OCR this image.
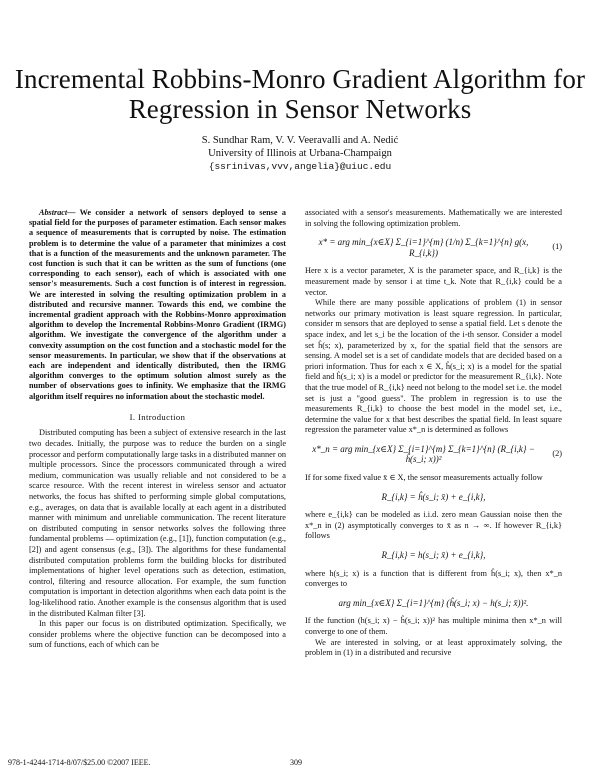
Incremental Robbins-Monro Gradient Algorithm for
Regression in Sensor Networks
S. Sundhar Ram, V. V. Veeravalli and A. Nedić
University of Illinois at Urbana-Champaign
{ssrinivas,vvv,angelia}@uiuc.edu

Abstract— We consider a network of sensors deployed to sense a spatial field for the purposes of parameter estimation. Each sensor makes a sequence of measurements that is corrupted by noise. The estimation problem is to determine the value of a parameter that minimizes a cost that is a function of the measurements and the unknown parameter. The cost function is such that it can be written as the sum of functions (one corresponding to each sensor), each of which is associated with one sensor's measurements. Such a cost function is of interest in regression. We are interested in solving the resulting optimization problem in a distributed and recursive manner. Towards this end, we combine the incremental gradient approach with the Robbins-Monro approximation algorithm to develop the Incremental Robbins-Monro Gradient (IRMG) algorithm. We investigate the convergence of the algorithm under a convexity assumption on the cost function and a stochastic model for the sensor measurements. In particular, we show that if the observations at each are independent and identically distributed, then the IRMG algorithm converges to the optimum solution almost surely as the number of observations goes to infinity. We emphasize that the IRMG algorithm itself requires no information about the stochastic model.

I. Introduction

Distributed computing has been a subject of extensive research in the last two decades. Initially, the purpose was to reduce the burden on a single processor and perform computationally large tasks in a distributed manner on multiple processors. Since the processors communicated through a wired medium, communication was usually reliable and not considered to be a scarce resource. With the recent interest in wireless sensor and actuator networks, the focus has shifted to performing simple global computations, e.g., averages, on data that is available locally at each agent in a distributed manner with minimum and unreliable communication. The recent literature on distributed computing in sensor networks solves the following three fundamental problems — optimization (e.g., [1]), function computation (e.g., [2]) and agent consensus (e.g., [3]). The algorithms for these fundamental distributed computation problems form the building blocks for distributed implementations of higher level operations such as detection, estimation, control, filtering and resource allocation. For example, the sum function computation is important in detection algorithms when each data point is the log-likelihood ratio. Another example is the consensus algorithm that is used in the distributed Kalman filter [3].

In this paper our focus is on distributed optimization. Specifically, we consider problems where the objective function can be decomposed into a sum of functions, each of which can be

associated with a sensor's measurements. Mathematically we are interested in solving the following optimization problem.

x* = arg min_{x∈X} Σ_{i=1}^{m} (1/n) Σ_{k=1}^{n} g(x, R_{i,k})
(1)

Here x is a vector parameter, X is the parameter space, and R_{i,k} is the measurement made by sensor i at time t_k. Note that R_{i,k} could be a vector.

While there are many possible applications of problem (1) in sensor networks our primary motivation is least square regression. In particular, consider m sensors that are deployed to sense a spatial field. Let s denote the space index, and let s_i be the location of the i-th sensor. Consider a model set ĥ(s; x), parameterized by x, for the spatial field that the sensors are sensing. A model set is a set of candidate models that are decided based on a priori information. Thus for each x ∈ X, ĥ(s_i; x) is a model for the spatial field and ĥ(s_i; x) is a model or predictor for the measurement R_{i,k}. Note that the true model of R_{i,k} need not belong to the model set i.e. the model set is just a "good guess". The problem in regression is to use the measurements R_{i,k} to choose the best model in the model set, i.e., determine the value for x that best describes the spatial field. In least square regression the parameter value x*_n is determined as follows

x*_n = arg min_{x∈X} Σ_{i=1}^{m} Σ_{k=1}^{n} (R_{i,k} − ĥ(s_i; x))²
(2)

If for some fixed value x̄ ∈ X, the sensor measurements actually follow

R_{i,k} = ĥ(s_i; x̄) + e_{i,k},

where e_{i,k} can be modeled as i.i.d. zero mean Gaussian noise then the x*_n in (2) asymptotically converges to x̄ as n → ∞. If however R_{i,k} follows

R_{i,k} = h(s_i; x̄) + e_{i,k},

where h(s_i; x) is a function that is different from ĥ(s_i; x), then x*_n converges to

arg min_{x∈X} Σ_{i=1}^{m} (ĥ(s_i; x) − h(s_i; x̄))².

If the function (h(s_i; x) − ĥ(s_i; x))² has multiple minima then x*_n will converge to one of them.

We are interested in solving, or at least approximately solving, the problem in (1) in a distributed and recursive

978-1-4244-1714-8/07/$25.00 ©2007 IEEE.	309
